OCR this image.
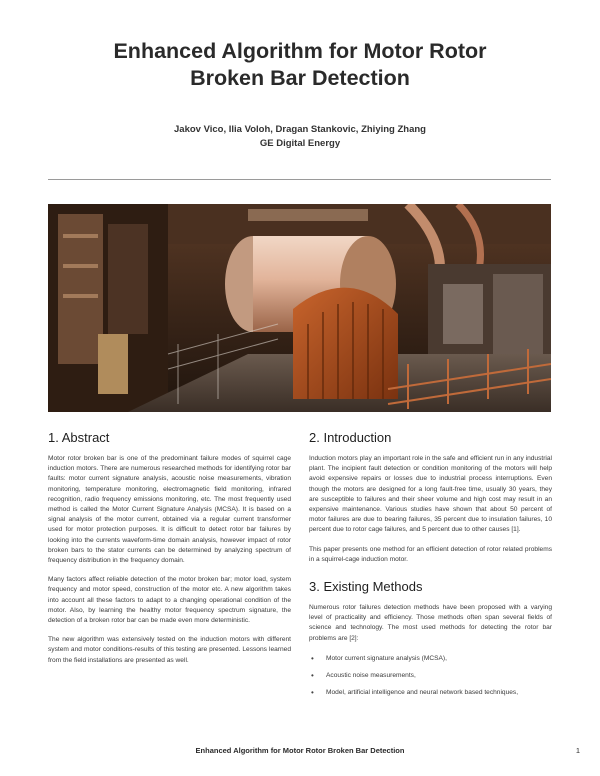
Enhanced Algorithm for Motor Rotor
Broken Bar Detection
Jakov Vico, Ilia Voloh, Dragan Stankovic, Zhiying Zhang
GE Digital Energy
1. Abstract

Motor rotor broken bar is one of the predominant failure modes of squirrel cage induction motors. There are numerous researched methods for identifying rotor bar faults: motor current signature analysis, acoustic noise measurements, vibration monitoring, temperature monitoring, electromagnetic field monitoring, infrared recognition, radio frequency emissions monitoring, etc. The most frequently used method is called the Motor Current Signature Analysis (MCSA). It is based on a signal analysis of the motor current, obtained via a regular current transformer used for motor protection purposes. It is difficult to detect rotor bar failures by looking into the currents waveform-time domain analysis, however impact of rotor broken bars to the stator currents can be determined by analyzing spectrum of frequency distribution in the frequency domain.

Many factors affect reliable detection of the motor broken bar; motor load, system frequency and motor speed, construction of the motor etc. A new algorithm takes into account all these factors to adapt to a changing operational condition of the motor. Also, by learning the healthy motor frequency spectrum signature, the detection of a broken rotor bar can be made even more deterministic.

The new algorithm was extensively tested on the induction motors with different system and motor conditions-results of this testing are presented. Lessons learned from the field installations are presented as well.

2. Introduction

Induction motors play an important role in the safe and efficient run in any industrial plant. The incipient fault detection or condition monitoring of the motors will help avoid expensive repairs or losses due to industrial process interruptions. Even though the motors are designed for a long fault-free time, usually 30 years, they are susceptible to failures and their sheer volume and high cost may result in an expensive maintenance. Various studies have shown that about 50 percent of motor failures are due to bearing failures, 35 percent due to insulation failures, 10 percent due to rotor cage failures, and 5 percent due to other causes [1].

This paper presents one method for an efficient detection of rotor related problems in a squirrel-cage induction motor.

3. Existing Methods

Numerous rotor failures detection methods have been proposed with a varying level of practicality and efficiency. Those methods often span several fields of science and technology. The most used methods for detecting the rotor bar problems are [2]:

• Motor current signature analysis (MCSA),
• Acoustic noise measurements,
• Model, artificial intelligence and neural network based techniques,
Enhanced Algorithm for Motor Rotor Broken Bar Detection	1
